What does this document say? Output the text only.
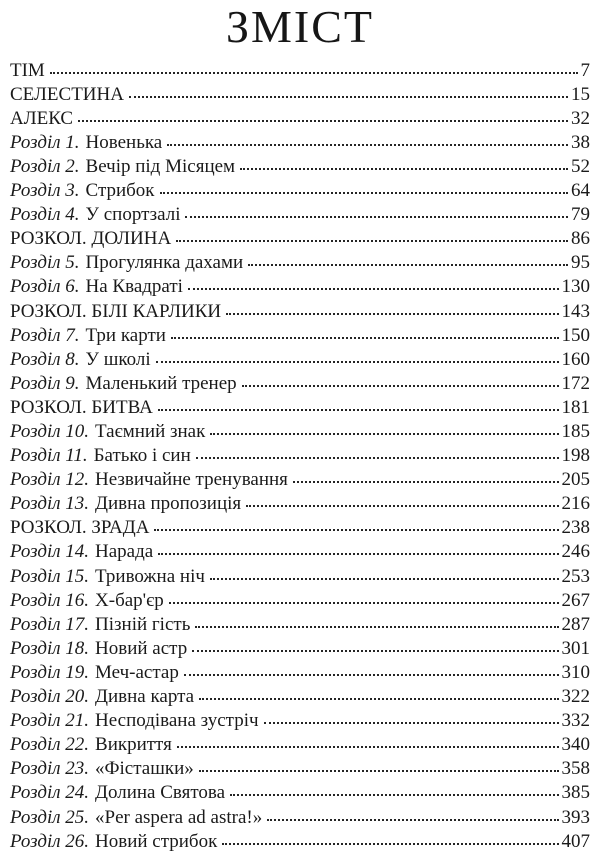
ЗМІСТ
ТІМ	7
СЕЛЕСТИНА	15
АЛЕКС	32
Розділ 1. Новенька	38
Розділ 2. Вечір під Місяцем	52
Розділ 3. Стрибок	64
Розділ 4. У спортзалі	79
РОЗКОЛ. ДОЛИНА	86
Розділ 5. Прогулянка дахами	95
Розділ 6. На Квадраті	130
РОЗКОЛ. БІЛІ КАРЛИКИ	143
Розділ 7. Три карти	150
Розділ 8. У школі	160
Розділ 9. Маленький тренер	172
РОЗКОЛ. БИТВА	181
Розділ 10. Таємний знак	185
Розділ 11. Батько і син	198
Розділ 12. Незвичайне тренування	205
Розділ 13. Дивна пропозиція	216
РОЗКОЛ. ЗРАДА	238
Розділ 14. Нарада	246
Розділ 15. Тривожна ніч	253
Розділ 16. Х-бар'єр	267
Розділ 17. Пізній гість	287
Розділ 18. Новий астр	301
Розділ 19. Меч-астар	310
Розділ 20. Дивна карта	322
Розділ 21. Несподівана зустріч	332
Розділ 22. Викриття	340
Розділ 23. «Фісташки»	358
Розділ 24. Долина Святова	385
Розділ 25. «Per aspera ad astra!»	393
Розділ 26. Новий стрибок	407
